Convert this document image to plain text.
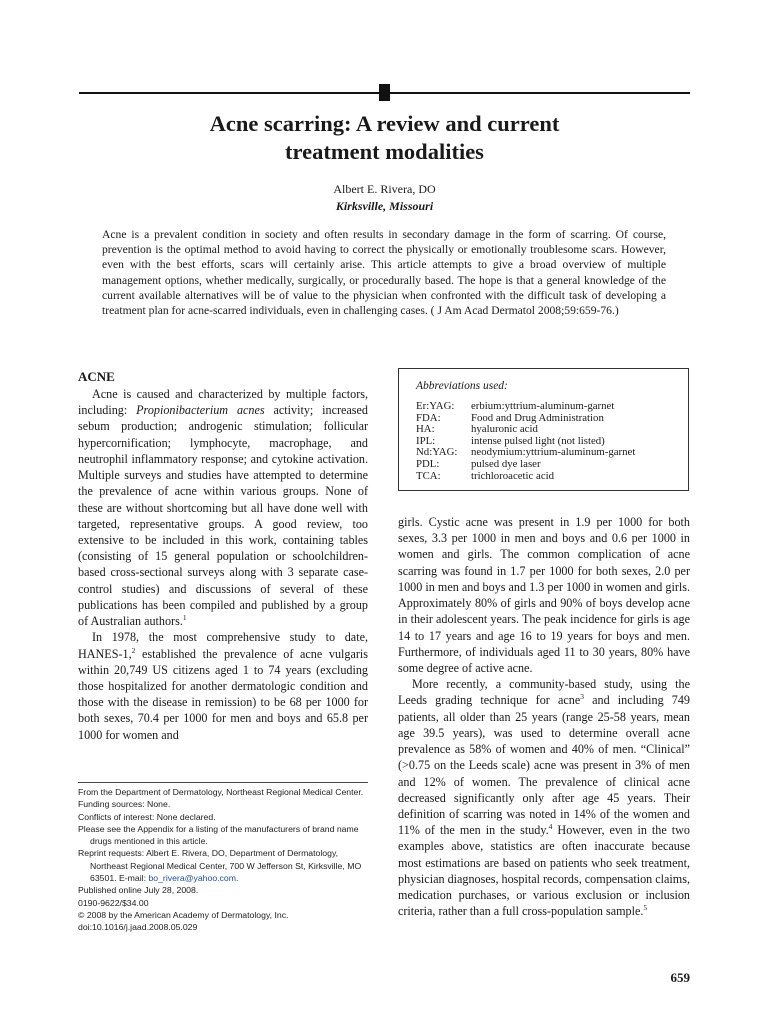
Acne scarring: A review and current
treatment modalities
Albert E. Rivera, DO
Kirksville, Missouri

Acne is a prevalent condition in society and often results in secondary damage in the form of scarring. Of course, prevention is the optimal method to avoid having to correct the physically or emotionally troublesome scars. However, even with the best efforts, scars will certainly arise. This article attempts to give a broad overview of multiple management options, whether medically, surgically, or procedurally based. The hope is that a general knowledge of the current available alternatives will be of value to the physician when confronted with the difficult task of developing a treatment plan for acne-scarred individuals, even in challenging cases. ( J Am Acad Dermatol 2008;59:659-76.)

ACNE

Acne is caused and characterized by multiple factors, including: Propionibacterium acnes activity; increased sebum production; androgenic stimulation; follicular hypercornification; lymphocyte, macrophage, and neutrophil inflammatory response; and cytokine activation. Multiple surveys and studies have attempted to determine the prevalence of acne within various groups. None of these are without shortcoming but all have done well with targeted, representative groups. A good review, too extensive to be included in this work, containing tables (consisting of 15 general population or schoolchildren-based cross-sectional surveys along with 3 separate case-control studies) and discussions of several of these publications has been compiled and published by a group of Australian authors.$^1$

In 1978, the most comprehensive study to date, HANES-1,$^2$ established the prevalence of acne vulgaris within 20,749 US citizens aged 1 to 74 years (excluding those hospitalized for another dermatologic condition and those with the disease in remission) to be 68 per 1000 for both sexes, 70.4 per 1000 for men and boys and 65.8 per 1000 for women and

Abbreviations used:

Er:YAG:	erbium:yttrium-aluminum-garnet
FDA:	Food and Drug Administration
HA:	hyaluronic acid
IPL:	intense pulsed light (not listed)
Nd:YAG:	neodymium:yttrium-aluminum-garnet
PDL:	pulsed dye laser
TCA:	trichloroacetic acid

girls. Cystic acne was present in 1.9 per 1000 for both sexes, 3.3 per 1000 in men and boys and 0.6 per 1000 in women and girls. The common complication of acne scarring was found in 1.7 per 1000 for both sexes, 2.0 per 1000 in men and boys and 1.3 per 1000 in women and girls. Approximately 80% of girls and 90% of boys develop acne in their adolescent years. The peak incidence for girls is age 14 to 17 years and age 16 to 19 years for boys and men. Furthermore, of individuals aged 11 to 30 years, 80% have some degree of active acne.

More recently, a community-based study, using the Leeds grading technique for acne$^3$ and including 749 patients, all older than 25 years (range 25-58 years, mean age 39.5 years), was used to determine overall acne prevalence as 58% of women and 40% of men. “Clinical” (>0.75 on the Leeds scale) acne was present in 3% of men and 12% of women. The prevalence of clinical acne decreased significantly only after age 45 years. Their definition of scarring was noted in 14% of the women and 11% of the men in the study.$^4$ However, even in the two examples above, statistics are often inaccurate because most estimations are based on patients who seek treatment, physician diagnoses, hospital records, compensation claims, medication purchases, or various exclusion or inclusion criteria, rather than a full cross-population sample.$^5$

From the Department of Dermatology, Northeast Regional Medical Center.

Funding sources: None.

Conflicts of interest: None declared.

Please see the Appendix for a listing of the manufacturers of brand name drugs mentioned in this article.

Reprint requests: Albert E. Rivera, DO, Department of Dermatology, Northeast Regional Medical Center, 700 W Jefferson St, Kirksville, MO 63501. E-mail: bo_rivera@yahoo.com.

Published online July 28, 2008.

0190-9622/$34.00

© 2008 by the American Academy of Dermatology, Inc.

doi:10.1016/j.jaad.2008.05.029

659
